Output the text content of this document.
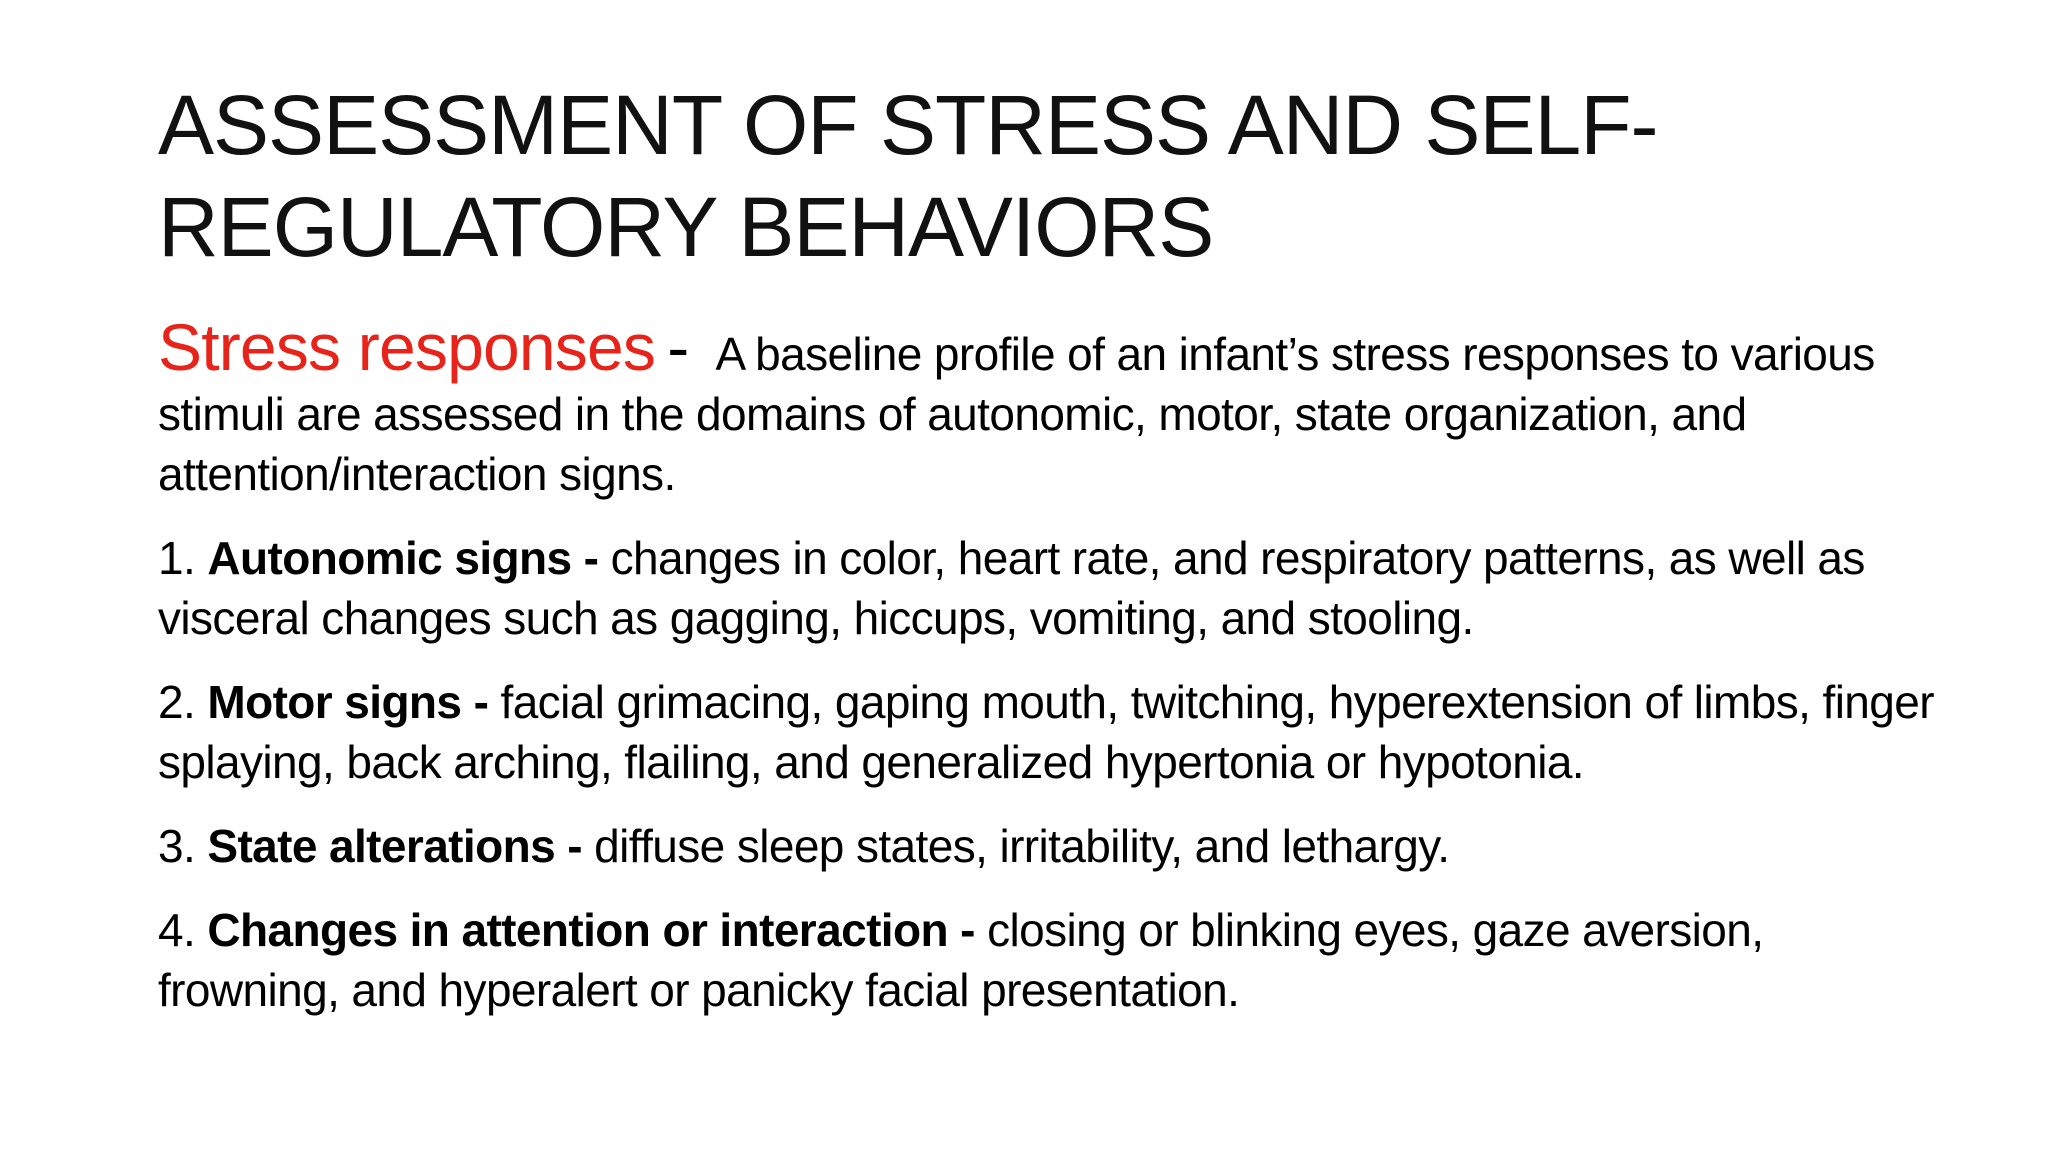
ASSESSMENT OF STRESS AND SELF-
REGULATORY BEHAVIORS

Stress responses - A baseline profile of an infant’s stress responses to various stimuli are assessed in the domains of autonomic, motor, state organization, and attention/interaction signs.

1. Autonomic signs - changes in color, heart rate, and respiratory patterns, as well as visceral changes such as gagging, hiccups, vomiting, and stooling.

2. Motor signs - facial grimacing, gaping mouth, twitching, hyperextension of limbs, finger splaying, back arching, flailing, and generalized hypertonia or hypotonia.

3. State alterations - diffuse sleep states, irritability, and lethargy.

4. Changes in attention or interaction - closing or blinking eyes, gaze aversion, frowning, and hyperalert or panicky facial presentation.
